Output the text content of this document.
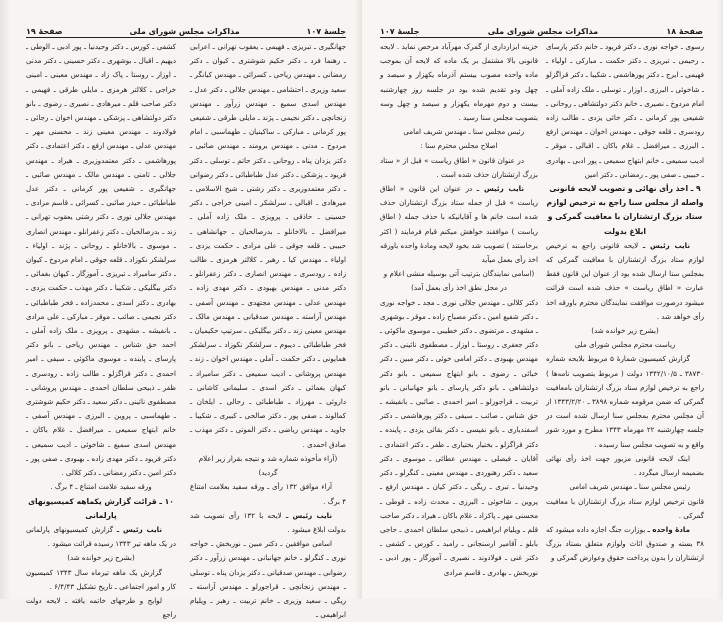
صفحهٔ ۱۹	مذاکرات مجلس شورای ملی	جلسهٔ ۱۰۷

جهانگیری ـ تبریزی ـ فهیمی ـ یعقوب تهرانی ـ اعرابی ـ رهنما فرد ـ دکتر حکیم شوشتری ـ کیوان ـ دکتر رمضانی ـ مهندس ریاحی ـ کسرائی ـ مهندس کیانگر ـ سعید وزیری ـ احتشامی ـ مهندس جلالی ـ دکتر عدل ـ مهندس اسدی سمیع ـ مهندس زرآور ـ مهندس زنجانچی ـ دکتر نجیمی ـ پژند ـ مایلی طرقی ـ شفیعی پور کرمانی ـ مبارکی ـ ساکینیان ـ طهماسبی ـ امام مردوخ ـ مدنی ـ مهندس برومند ـ مهندس صائبی ـ دکتر یزدان پناه ـ روحانی ـ دکتر حاتم ـ توسلی ـ دکتر فریود ـ پزشکی ـ دکتر عدل طباطبائی ـ دکتر رضوانی ـ دکتر معتمدوزیری ـ دکتر رشتی ـ شیخ الاسلامی ـ میرهادی ـ اقبالی ـ سرلشکر ـ امینی خراجی ـ دکتر حسینی ـ حاذقی ـ پرویزی ـ ملک زاده آملی ـ میرافضل ـ بالاخانلو ـ بدرصالحیان ـ جهانشاهی ـ حبیبی ـ قلعه جوقی ـ علی مرادی ـ حکمت یزدی ـ اولیاء ـ مهندس کیا ـ رهبر ـ کلالتر هرمزی ـ طالب زاده ـ رودسری ـ مهندس انصاری ـ دکتر زعفرانلو ـ دکتر مدنی ـ مهندس بهبودی ـ دکتر مهدی زاده ـ مهندس عدلی ـ مهندس مجتهدی ـ مهندس آصفی ـ مهندس آراسته ـ مهندس صدقیانی ـ مهندس مالک ـ مهندس معینی زند ـ دکتر بیگلیکی ـ سرتیپ حکیمیان ـ فخر طباطبائی ـ دیبوم ـ سرلشکر نکوزاد ـ سرلشکر همایونی ـ دکتر حکمت ـ آملی ـ مهندس اخوان ـ زند ـ مهندس پروشانی ـ ادیب سمیعی ـ دکتر سامیراد ـ کیهان بغمائی ـ دکتر اسدی ـ سلیمانی کاشانی ـ داروئی ـ مهرزاد ـ طباطبائی ـ رحالی ـ ایلخان ـ کمالوند ـ صفی پور ـ دکتر صالحی ـ کبیری ـ شکیبا ـ جاوید ـ مهندس ریاضی ـ دکتر الموتی ـ دکتر مهذب ـ صادق احمدی .

(آراء مأخوذه شماره شد و نتیجه بقرار زیر اعلام گردید)

آراء موافق ۱۳۲ رأی ـ ورقه سفید بعلامت امتناع ۴ برگ .

نایب رئیس ـ لایحه با ۱۳۲ رأی تصویب شد بدولت ابلاغ میشود .

اسامی موافقین ـ دکتر مبین ـ نوربخش ـ خواجه نوری ـ کنگرلو ـ خانم جهانبانی ـ مهندس زرآور ـ دکتر رضوانی ـ مهندس صدقیانی ـ دکتر یزدان پناه ـ توسلی ـ مهندس زنجانچی ـ قراجورلو ـ مهندس آراسته ـ ریگی ـ سعید وزیری ـ خانم تربیت ـ رهبر ـ ویلیام ابراهیمی ـ

کشفی ـ کورس ـ دکتر وحیدنیا ـ پور ادبی ـ الوطی ـ دیهیم ـ اقبال ـ بوشهری ـ دکتر حسینی ـ دکتر مدنی ـ اوزار ـ روستا ـ پاک زاد ـ مهندس معینی ـ امینی خراجی ـ کلالتر هرمزی ـ مایلی طرقی ـ فهیمی ـ دکتر صاحب قلم ـ میرهادی ـ نصیری ـ رضوی ـ بانو دکتر دولتشاهی ـ پزشکی ـ مهندس اخوان ـ رجائی ـ فولادوند ـ مهندس معینی زند ـ محسنی مهر ـ مهندس عدلی ـ مهندس ارفع ـ دکتر اعتمادی ـ دکتر پورهاشمی ـ دکتر معتمدوزیری ـ هیراد ـ مهندس جلالی ـ ثامنی ـ مهندس مالک ـ مهندس صائبی ـ جهانگیری ـ شفیعی پور کرمانی ـ دکتر عدل طباطبائی ـ حیدر صائبی ـ کسرائی ـ قاسم مرادی ـ مهندس جلالی نوری ـ دکتر رشتی یعقوب تهرانی ـ زند ـ بدرصالحیان ـ دکتر زعفرانلو ـ مهندس انصاری ـ موسوی ـ بالاخانلو ـ روحانی ـ پژند ـ اولیاء ـ سرلشکر نکوزاد ـ قلعه جوقی ـ امام مردوخ ـ کیوان ـ دکتر سامیراد ـ تبریزی ـ آموزگار ـ کیهان بغمائی ـ دکتر بیگلیکی ـ شکیبا ـ دکتر مهذب ـ حکمت یزدی ـ بهادری ـ دکتر اسدی ـ محمدزاده ـ فخر طباطبائی ـ دکتر نجیمی ـ صائب ـ موقر ـ مبارکی ـ علی مرادی ـ بانفیشه ـ مشهدی ـ پرویزی ـ ملک زاده آملی ـ احمد حق شناس ـ مهندس ریاحی ـ بانو دکتر پارسای ـ پاینده ـ موسوی ماکوئی ـ سیفی ـ امیر احمدی ـ دکتر قراگزلو ـ طالب زاده ـ رودسری ـ ظفر ـ ذبیحی سلطان احمدی ـ مهندس پروشانی ـ مصطفوی نائینی ـ دکتر سعید ـ دکتر حکیم شوشتری ـ طهماسبی ـ پروین ـ البرزی ـ مهندس آصفی ـ خانم ابتهاج سمیعی ـ میرافضل ـ غلام باکان ـ مهندس اسدی سمیع ـ شاخوئی ـ ادیب سمیعی ـ دکتر فریود ـ دکتر مهدی زاده ـ بهبودی ـ صفی پور ـ دکتر امین ـ دکتر رمضانی ـ دکتر کلالی .

ورقه سفید علامت امتناع ـ ۴ برگ .

۱۰ ـ قرائت گزارش یکماهه کمیسیونهای پارلمانی

نایب رئیس ـ گزارش کمیسیونهای پارلمانی در یک ماهه تیر ۱۳۴۳ رسیده قرائت میشود .

(بشرح زیر خوانده شد)

گزارش یک ماهه تیرماه سال ۱۳۴۳ کمیسیون کار و امور اجتماعی ـ تاریخ تشکیل ۶/۴/۴۳ .

لوایح و طرحهای خاتمه یافته ـ لایحه دولت راجع

جلسهٔ ۱۰۷	مذاکرات مجلس شورای ملی	صفحهٔ ۱۸

رسوی ـ خواجه نوری ـ دکتر فریود ـ خانم دکتر پارسای ـ رحیمی ـ تبریزی ـ دکتر حکمت ـ مبارکی ـ اولیاء ـ فهیمی ـ ایرج ـ دکتر پورهاشمی ـ شکیبا ـ دکتر قراگزلو ـ شاخوئی ـ البرزی ـ اوزار ـ توسلی ـ ملک زاده آملی ـ امام مردوخ ـ نصیری ـ خانم دکتر دولتشاهی ـ روحانی ـ شفیعی پور کرمانی ـ دکتر خائی یزدی ـ طالب زاده رودسری ـ قلعه جوقی ـ مهندس اخوان ـ مهندس ارفع ـ البرزی ـ میرافضل ـ غلام باکان ـ اقبالی ـ موقر ـ ادیب سمیعی ـ خانم ابتهاج سمیعی ـ پور ادبی ـ بهادری ـ حبیبی ـ صفی پور ـ رمضانی ـ دکتر امین

۹ ـ اخذ رأی نهائی و تصویب لایحه قانونی واصله از مجلس سنا راجع به ترخیص لوازم ستاد بزرگ ارتشتاران با معافیت گمرکی و ابلاغ بدولت

نایب رئیس ـ لایحه قانونی راجع به ترخیص لوازم ستاد بزرگ ارتشتاران با معافیت گمرکی که بمجلس سنا ارسال شده بود از عنوان این قانون فقط عبارت « اطاق ریاست » حذف شده است قرائت میشود درصورت موافقت نمایندگان محترم باورقه اخذ رأی خواهد شد .

(بشرح زیر خوانده شد)

ریاست محترم مجلس شورای ملی

گزارش کمیسیون شمارهٔ ۵ مربوط بلایحه شماره ۳۸۷۳۰ ـ ۱۳۴۲/۱۰/۵ دولت ( مربوط بتصویب نامه‌ها ) راجع به ترخیص لوازم ستاد بزرگ ارتشتاران بامعافیت گمرکی که ضمن مرقومه شماره ۳۸۹۸ ـ ۱۳۴۳/۲/۲۰ از آن مجلس محترم بمجلس سنا ارسال شده است در جلسه چهارشنبه ۲۲ مهرماه ۱۳۴۳ مطرح و مورد شور واقع و به تصویب مجلس سنا رسیده .

اینک لایحه قانونی مزبور جهت اخذ رأی نهائی بضمیمه ارسال میگردد .

رئیس مجلس سنا ـ مهندس شریف امامی

قانون ترخیص لوازم ستاد بزرگ ارتشتاران با معافیت گمرکی .

مادهٔ واحده ـ بوزارت جنگ اجازه داده میشود که ۳۸ بسته و صندوق اثاث ولوازم متعلق بستاد بزرگ ارتشتاران را بدون پرداخت حقوق وعوارض گمرکی و

خزینه ابزارداری از گمرک مهرآباد مرخص نماید . لایحه قانونی بالا مشتمل بر یک ماده که لایحه آن بموجب ماده واحده مصوب بیستم آذرماه یکهزار و سیصد و چهل ودو تقدیم شده بود در جلسه روز چهارشنبه بیست و دوم مهرماه یکهزار و سیصد و چهل وسه بتصویب مجلس سنا رسید .

رئیس مجلس سنا ـ مهندس شریف امامی

اصلاح مجلس محترم سنا :

در عنوان قانون « اطاق ریاست » قبل از « ستاد بزرگ ارتشتاران حذف شده است .

نایب رئیس ـ در عنوان این قانون « اطاق ریاست » قبل از جمله ستاد بزرگ ارتشتاران حذف شده است خانم ها و آقایانیکه با حذف جمله ( اطاق ریاست ) موافقند خواهش میکنم قیام فرمایند ( اکثر برخاستند ) تصویب شد بخود لایحه ومادهٔ واحده باورقه اخذ رأی بعمل میآید

(اسامی نمایندگان بترتیب آتی بوسیله منشی اعلام و در محل نطق اخذ رأی بعمل آمد)

دکتر کلالی ـ مهندس جلالی نوری ـ مجد ـ خواجه نوری ـ دکتر شفیع امین ـ دکتر مصباح زاده ـ موقر ـ بوشهری ـ مشهدی ـ مرتضوی ـ دکتر خطیبی ـ موسوی ماکوئی ـ دکتر جعفری ـ روستا ـ اوزار ـ مصطفوی نائینی ـ دکتر مهندس بهبودی ـ دکتر امامی خوئی ـ دکتر مبین ـ دکتر خبائی ـ رضوی ـ بانو ابتهاج سمیعی ـ بانو دکتر دولتشاهی ـ بانو دکتر پارسای ـ بانو جهانبانی ـ بانو تربیت ـ قراجورلو ـ امیر احمدی ـ صائبی ـ بانفیشه ـ حق شناس ـ صائب ـ سیفی ـ دکتر پورهاشمی ـ دکتر اسفندیاری ـ بانو نفیسی ـ دکتر بقائی یزدی ـ پاینده ـ دکتر قراگزلو ـ بختیار بختیاری ـ ظفر ـ دکتر اعتمادی ـ آقایان ـ فیصلی ـ مهندس عطائی ـ موسوی ـ دکتر سعید ـ دکتر رهنوردی ـ مهندس معینی ـ کنگرلو ـ دکتر وحیدنیا ـ تبری ـ ریگی ـ دکتر کیان ـ مهندس ارفع ـ پروین ـ شاخوئی ـ البرزی ـ محدث زاده ـ قوطی ـ محسنی مهر ـ پاکزاد ـ غلام باکان ـ هیراد ـ دکتر صاحب قلم ـ ویلیام ابراهیمی ـ ذبیحی سلطان احمدی ـ حاجی بابلو ـ آقامیر ارسنجانی ـ رامبد ـ کورس ـ کشفی ـ دکتر غنی ـ فولادوند ـ نصیری ـ آموزگار ـ پور ادبی ـ نوربخش ـ بهادری ـ قاسم مرادی
